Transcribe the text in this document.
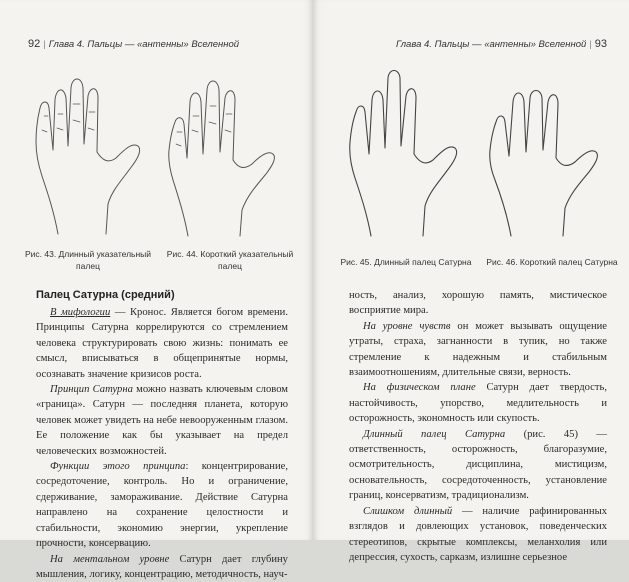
92 | Глава 4. Пальцы — «антенны» Вселенной
Рис. 43. Длинный указательный
палец
Рис. 44. Короткий указательный
палец
Палец Сатурна (средний)

В мифологии — Кронос. Является богом времени. Принципы Сатурна коррелируются со стремлением человека структурировать свою жизнь: понимать ее смысл, вписываться в общепринятые нормы, осознавать значение кризисов роста.

Принцип Сатурна можно назвать ключевым словом «граница». Сатурн — последняя планета, которую человек может увидеть на небе невооруженным глазом. Ее положение как бы указывает на предел человеческих возможностей.

Функции этого принципа: концентрирование, сосредоточение, контроль. Но и ограничение, сдерживание, замораживание. Действие Сатурна направлено на сохранение целостности и стабильности, экономию энергии, укрепление прочности, консервацию.

На ментальном уровне Сатурн дает глубину мышления, логику, концентрацию, методичность, науч-

Глава 4. Пальцы — «антенны» Вселенной | 93
Рис. 45. Длинный палец Сатурна	Рис. 46. Короткий палец Сатурна

ность, анализ, хорошую память, мистическое восприятие мира.

На уровне чувств он может вызывать ощущение утраты, страха, загнанности в тупик, но также стремление к надежным и стабильным взаимоотношениям, длительные связи, верность.

На физическом плане Сатурн дает твердость, настойчивость, упорство, медлительность и осторожность, экономность или скупость.

Длинный палец Сатурна (рис. 45) — ответственность, осторожность, благоразумие, осмотрительность, дисциплина, мистицизм, основательность, сосредоточенность, установление границ, консерватизм, традиционализм.

Слишком длинный — наличие рафинированных взглядов и довлеющих установок, поведенческих стереотипов, скрытые комплексы, меланхолия или депрессия, сухость, сарказм, излишне серьезное
